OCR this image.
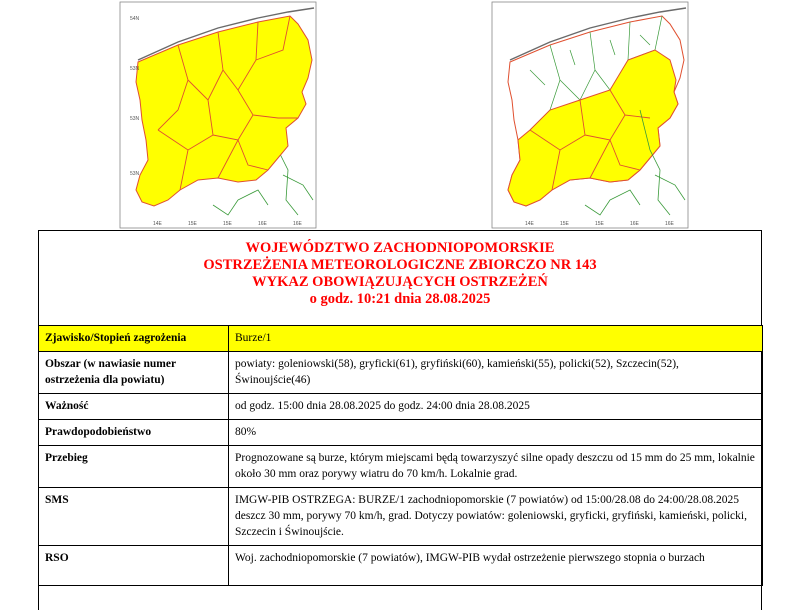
54N
53N
53N
53N
14E	15E	15E	16E	16E	14E	15E	15E	16E	16E
WOJEWÓDZTWO ZACHODNIOPOMORSKIE
OSTRZEŻENIA METEOROLOGICZNE ZBIORCZO NR 143
WYKAZ OBOWIĄZUJĄCYCH OSTRZEŻEŃ
o godz. 10:21 dnia 28.08.2025
Zjawisko/Stopień zagrożenia	Burze/1
Obszar (w nawiasie numer ostrzeżenia dla powiatu)	powiaty: goleniowski(58), gryficki(61), gryfiński(60), kamieński(55), policki(52), Szczecin(52), Świnoujście(46)
Ważność	od godz. 15:00 dnia 28.08.2025 do godz. 24:00 dnia 28.08.2025
Prawdopodobieństwo	80%
Przebieg	Prognozowane są burze, którym miejscami będą towarzyszyć silne opady deszczu od 15 mm do 25 mm, lokalnie około 30 mm oraz porywy wiatru do 70 km/h. Lokalnie grad.
SMS	IMGW-PIB OSTRZEGA: BURZE/1 zachodniopomorskie (7 powiatów) od 15:00/28.08 do 24:00/28.08.2025 deszcz 30 mm, porywy 70 km/h, grad. Dotyczy powiatów: goleniowski, gryficki, gryfiński, kamieński, policki, Szczecin i Świnoujście.
RSO	Woj. zachodniopomorskie (7 powiatów), IMGW-PIB wydał ostrzeżenie pierwszego stopnia o burzach
